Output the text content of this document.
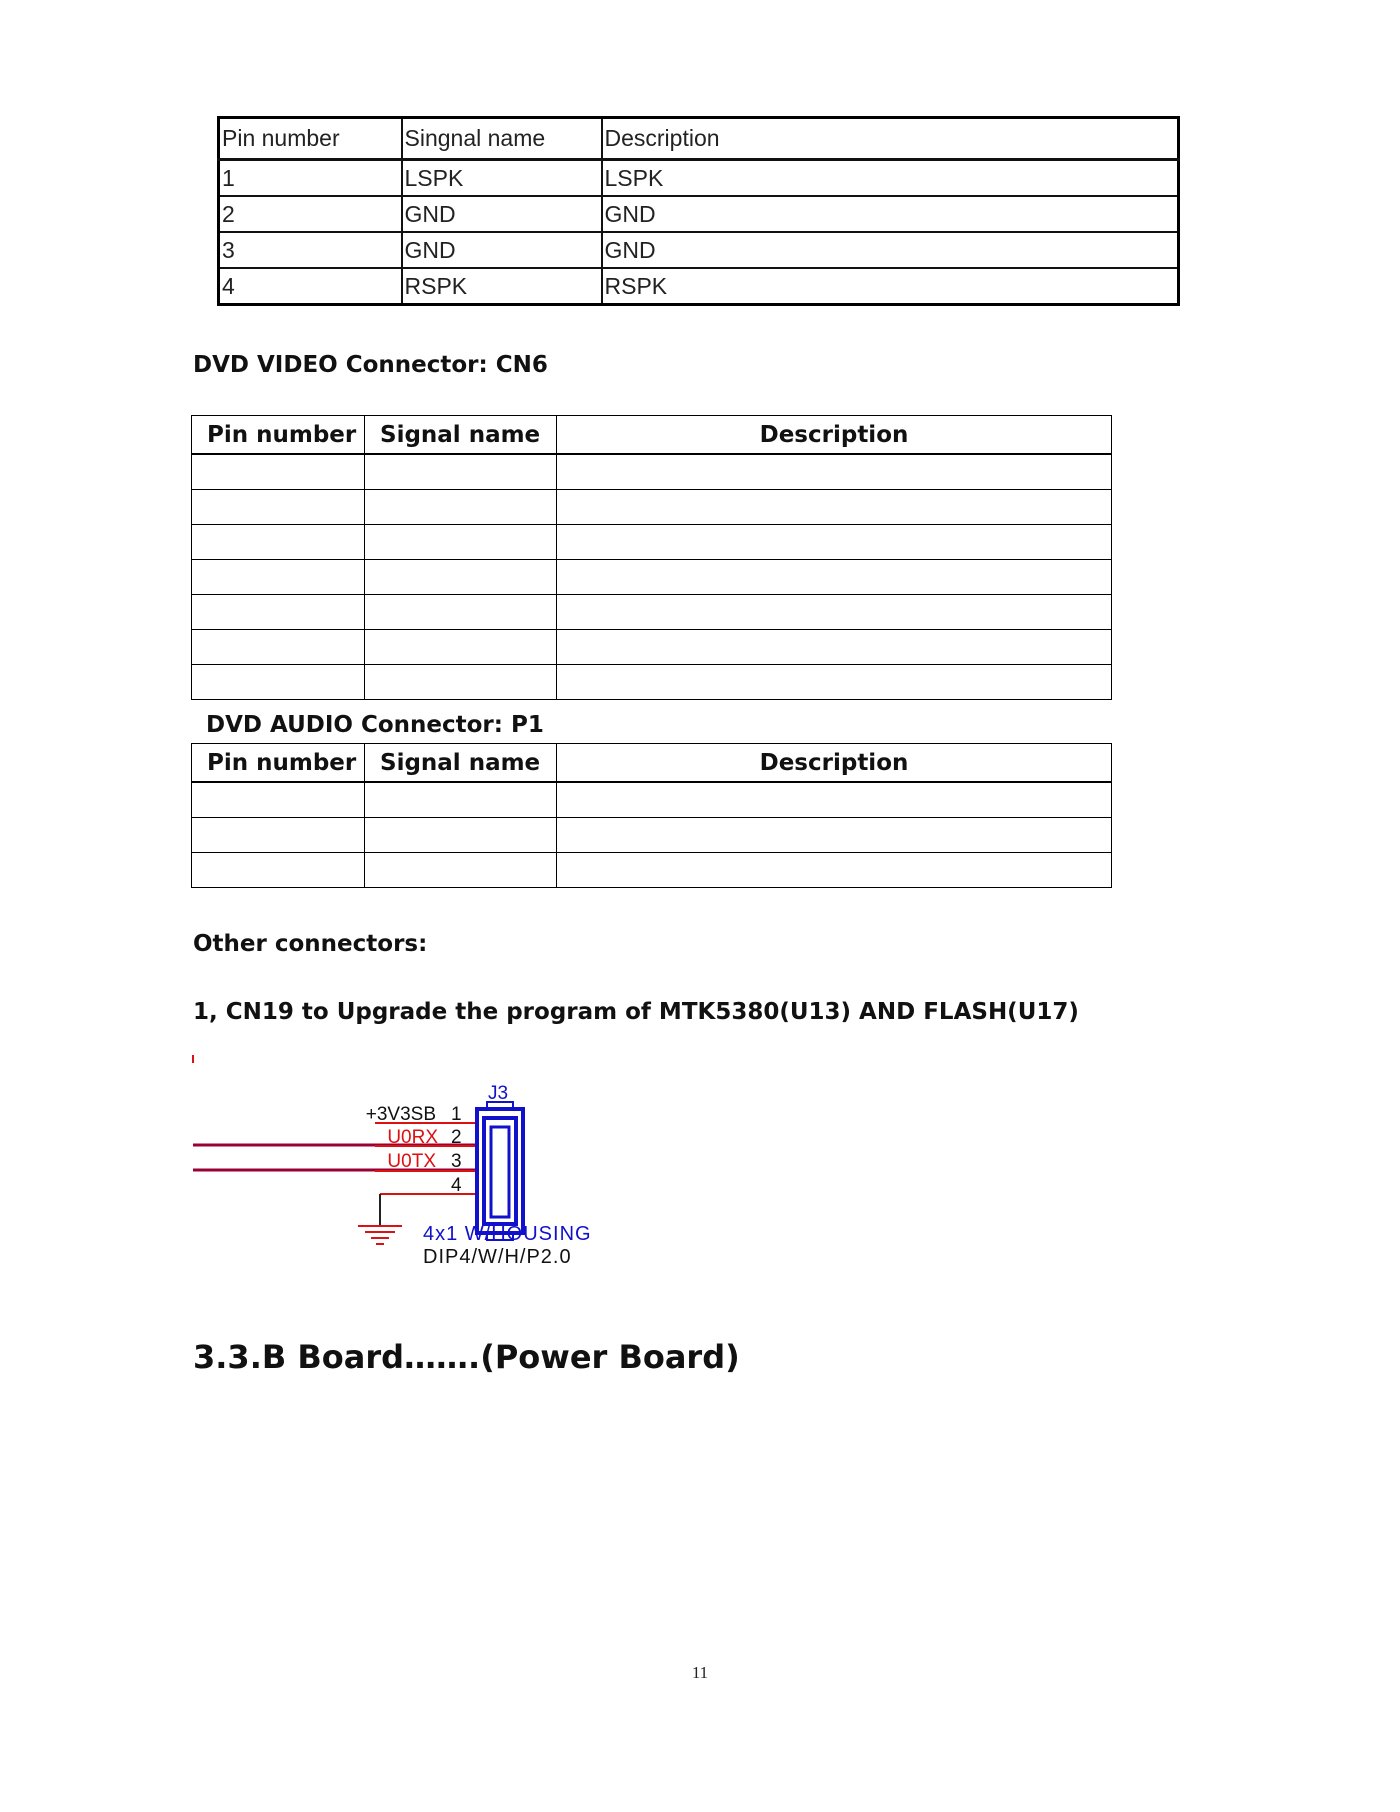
Pin number	Singnal name	Description
1	LSPK	LSPK
2	GND	GND
3	GND	GND
4	RSPK	RSPK

DVD VIDEO Connector: CN6

Pin number	Signal name	Description

DVD AUDIO Connector: P1

Pin number	Signal name	Description

Other connectors:

1, CN19 to Upgrade the program of MTK5380(U13) AND FLASH(U17)

J3
+3V3SB
U0RX
U0TX
1
2
3
4
4x1 W/HOUSING
DIP4/W/H/P2.0

3.3.B Board…….(Power Board)

11
